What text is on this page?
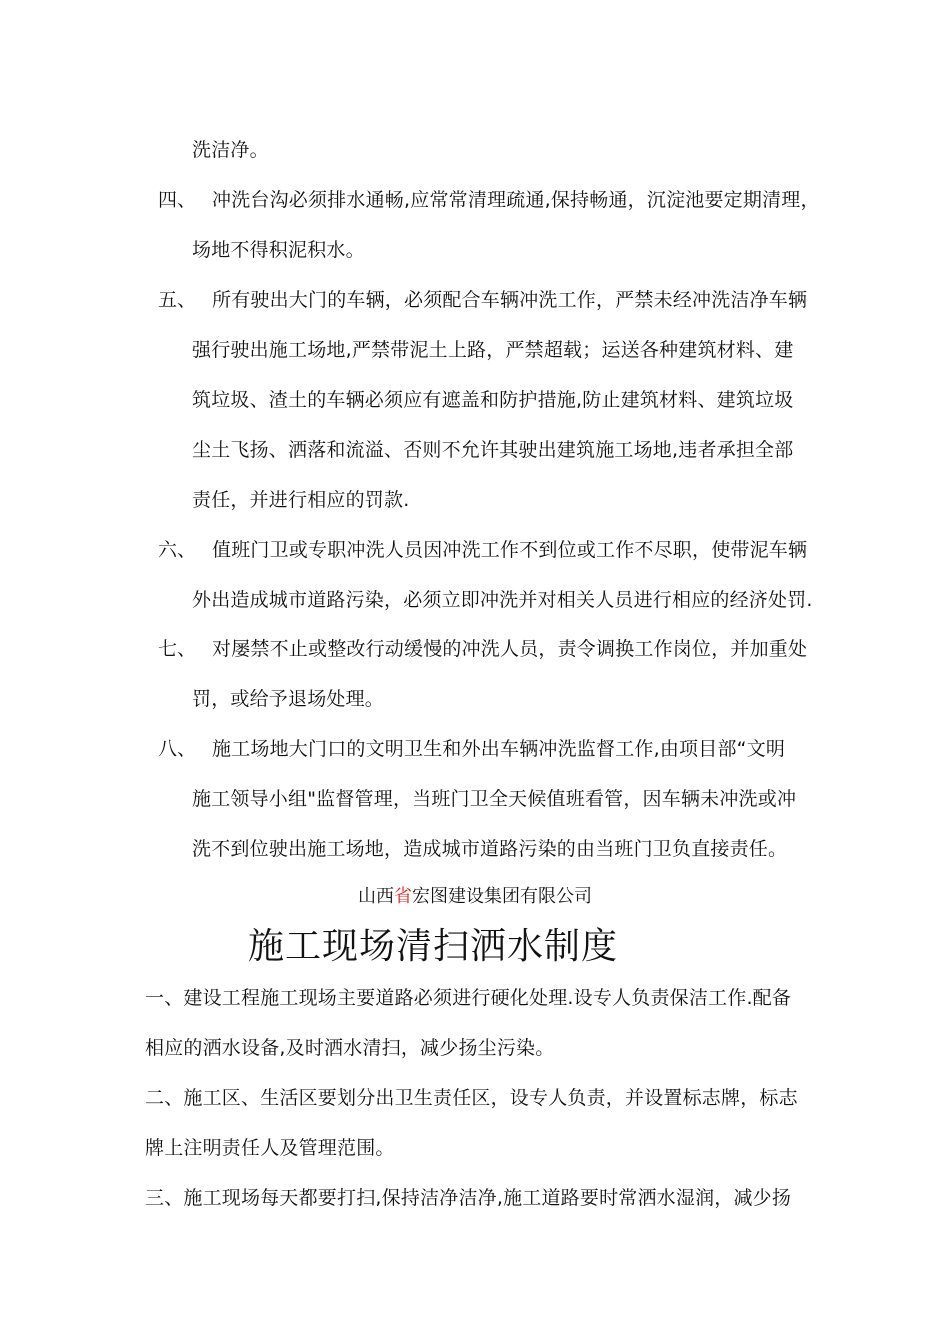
洗洁净。
四、 冲洗台沟必须排水通畅,应常常清理疏通,保持畅通，沉淀池要定期清理，
场地不得积泥积水。
五、 所有驶出大门的车辆，必须配合车辆冲洗工作，严禁未经冲洗洁净车辆
强行驶出施工场地,严禁带泥土上路，严禁超载；运送各种建筑材料、建
筑垃圾、渣土的车辆必须应有遮盖和防护措施,防止建筑材料、建筑垃圾
尘土飞扬、洒落和流溢、否则不允许其驶出建筑施工场地,违者承担全部
责任，并进行相应的罚款.
六、 值班门卫或专职冲洗人员因冲洗工作不到位或工作不尽职，使带泥车辆
外出造成城市道路污染，必须立即冲洗并对相关人员进行相应的经济处罚.
七、 对屡禁不止或整改行动缓慢的冲洗人员，责令调换工作岗位，并加重处
罚，或给予退场处理。
八、 施工场地大门口的文明卫生和外出车辆冲洗监督工作,由项目部“文明
施工领导小组"监督管理，当班门卫全天候值班看管，因车辆未冲洗或冲
洗不到位驶出施工场地，造成城市道路污染的由当班门卫负直接责任。
山西省宏图建设集团有限公司
施工现场清扫洒水制度
一、建设工程施工现场主要道路必须进行硬化处理.设专人负责保洁工作.配备
相应的洒水设备,及时洒水清扫，减少扬尘污染。
二、施工区、生活区要划分出卫生责任区，设专人负责，并设置标志牌，标志
牌上注明责任人及管理范围。
三、施工现场每天都要打扫,保持洁净洁净,施工道路要时常洒水湿润，减少扬
